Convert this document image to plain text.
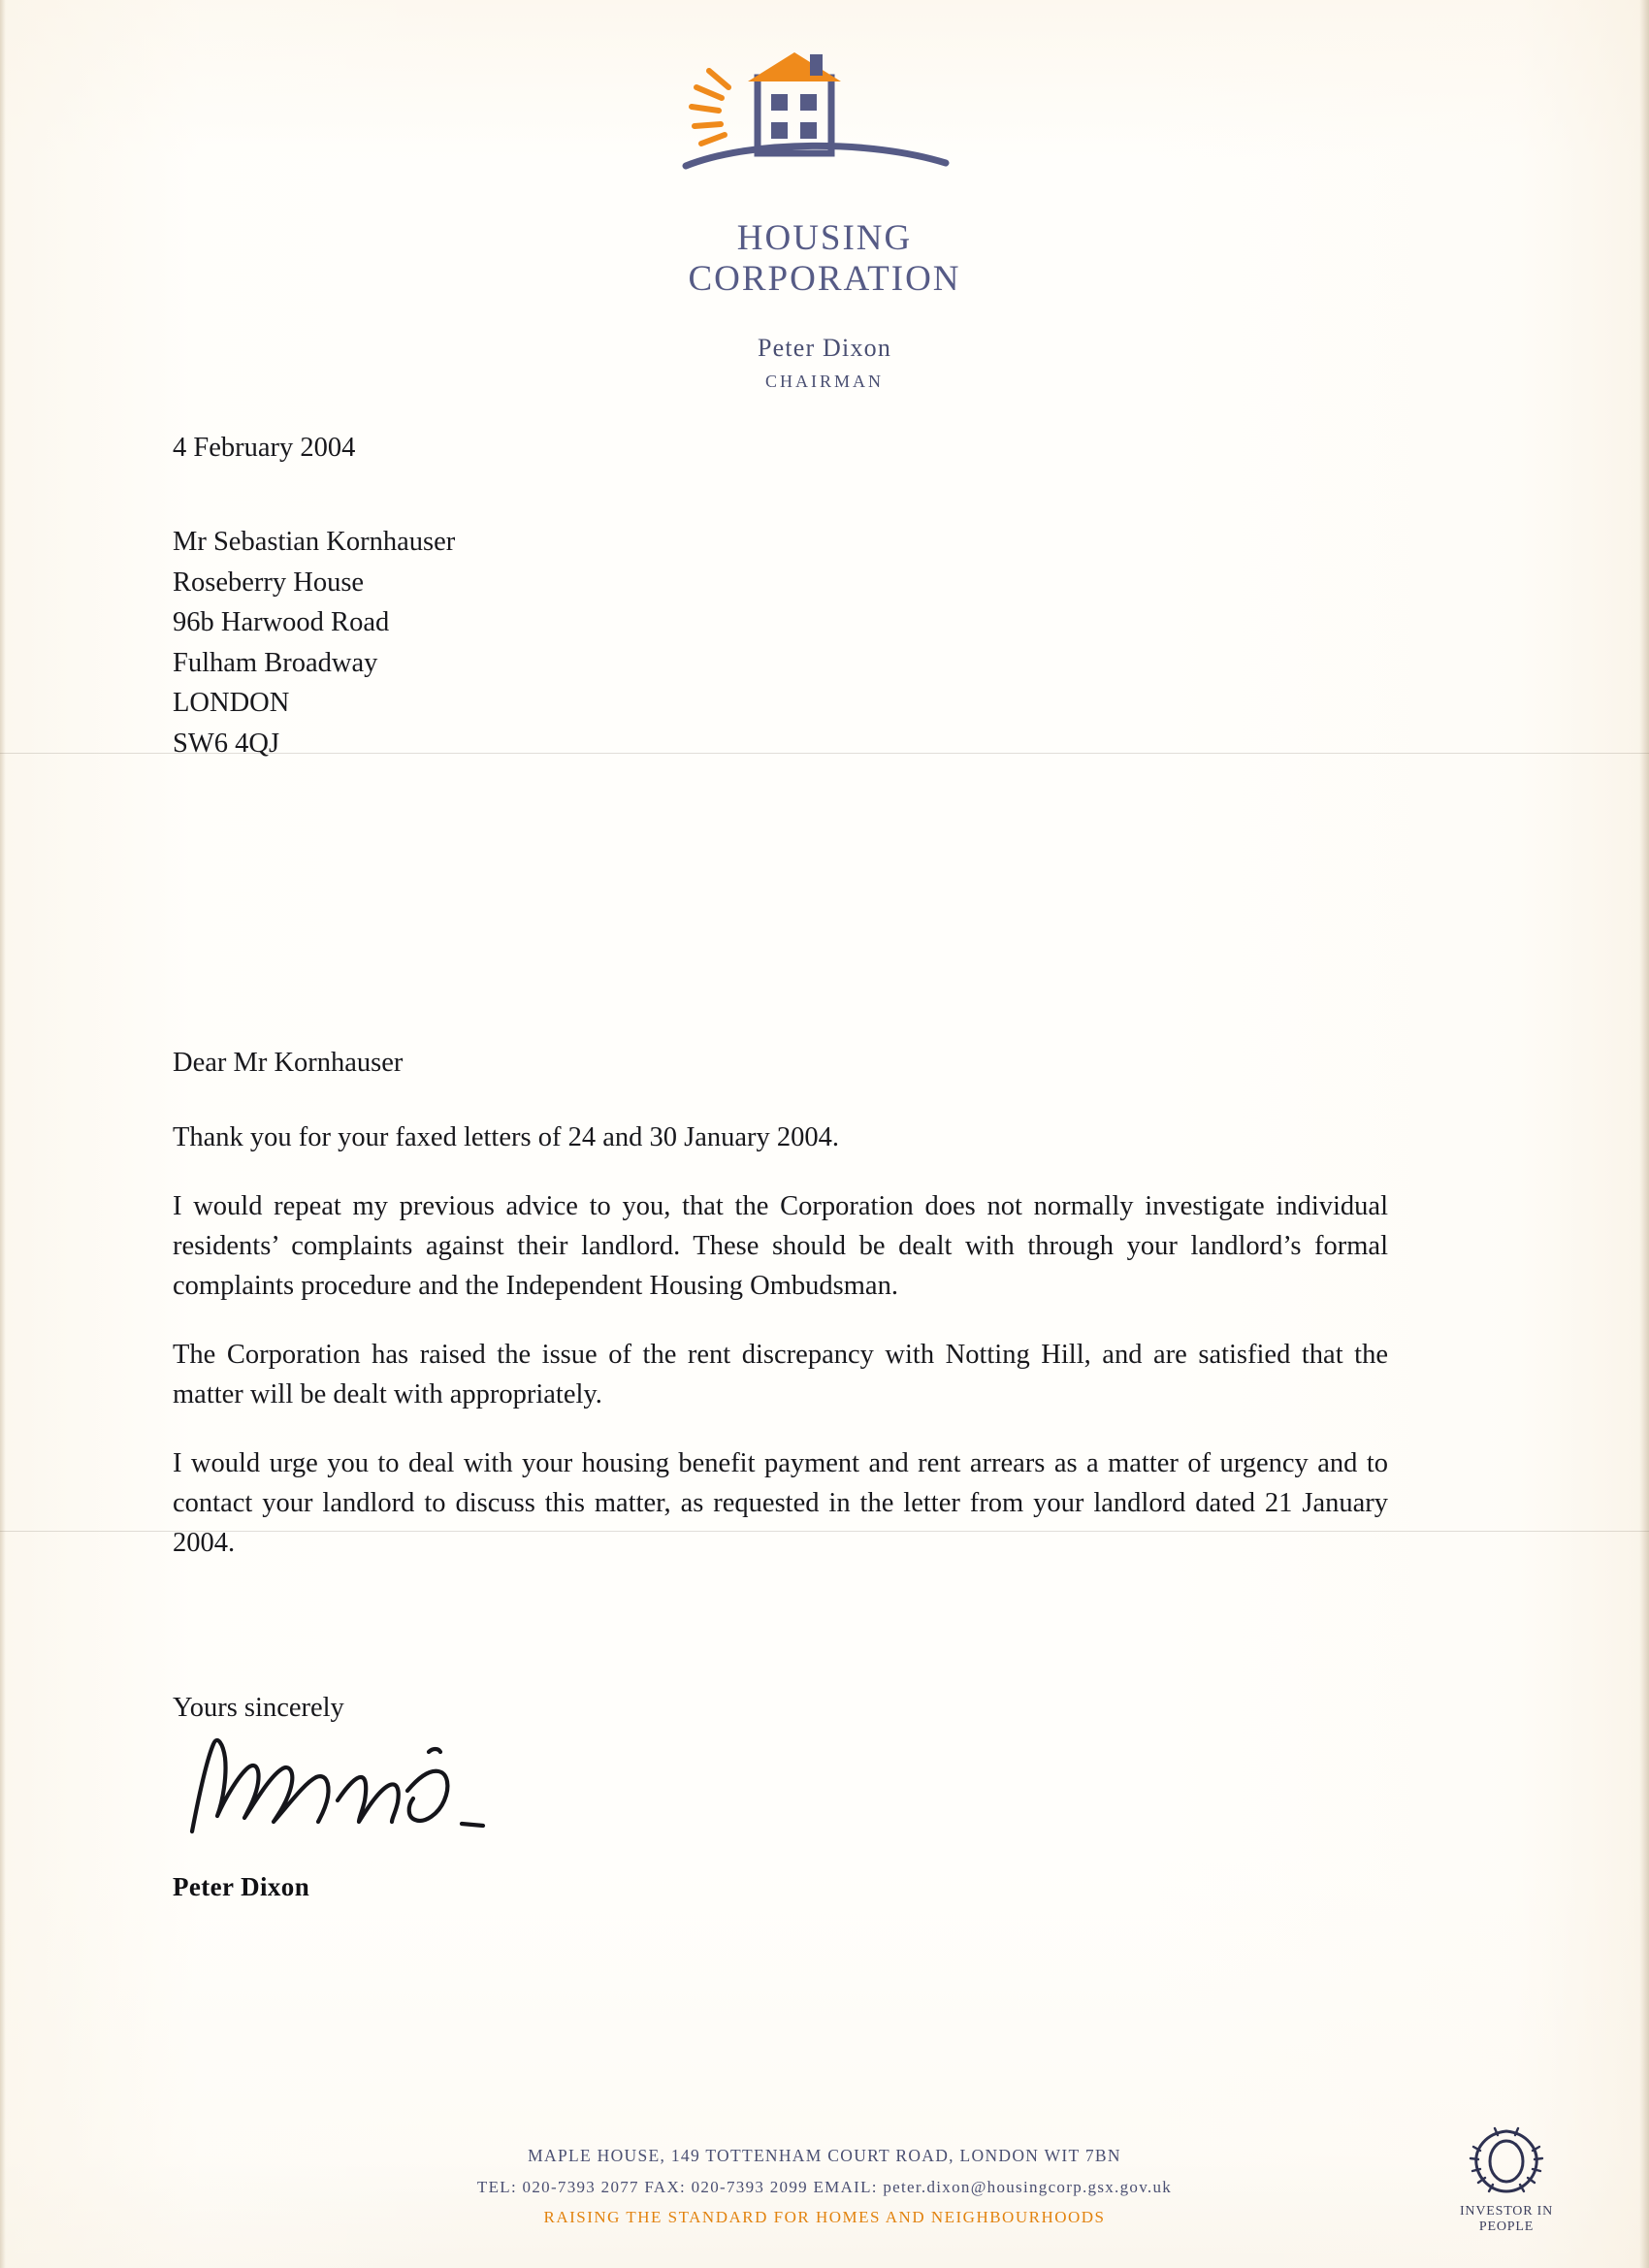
HOUSING
CORPORATION
Peter Dixon
CHAIRMAN
4 February 2004
Mr Sebastian Kornhauser
Roseberry House
96b Harwood Road
Fulham Broadway
LONDON
SW6 4QJ
Dear Mr Kornhauser

Thank you for your faxed letters of 24 and 30 January 2004.

I would repeat my previous advice to you, that the Corporation does not normally investigate individual residents’ complaints against their landlord. These should be dealt with through your landlord’s formal complaints procedure and the Independent Housing Ombudsman.

The Corporation has raised the issue of the rent discrepancy with Notting Hill, and are satisfied that the matter will be dealt with appropriately.

I would urge you to deal with your housing benefit payment and rent arrears as a matter of urgency and to contact your landlord to discuss this matter, as requested in the letter from your landlord dated 21 January 2004.

Yours sincerely
Peter Dixon
MAPLE HOUSE, 149 TOTTENHAM COURT ROAD, LONDON WIT 7BN
TEL: 020-7393 2077 FAX: 020-7393 2099 EMAIL: peter.dixon@housingcorp.gsx.gov.uk
RAISING THE STANDARD FOR HOMES AND NEIGHBOURHOODS	INVESTOR IN PEOPLE
